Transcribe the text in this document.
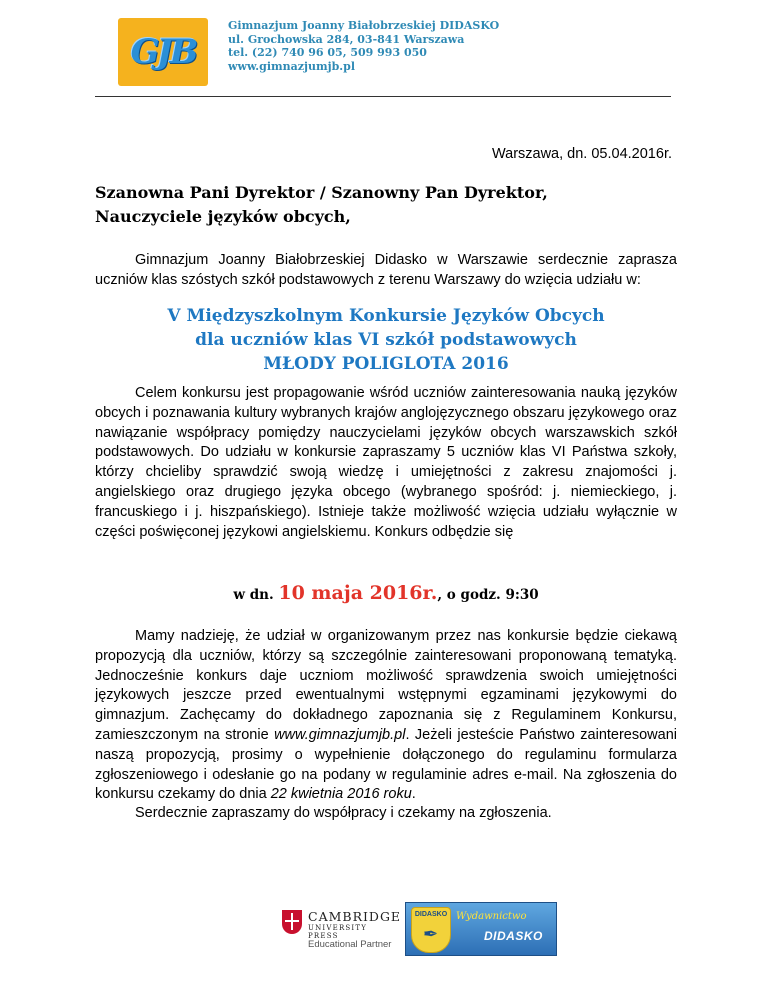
GJB
Gimnazjum Joanny Białobrzeskiej DIDASKO
ul. Grochowska 284, 03-841 Warszawa
tel. (22) 740 96 05, 509 993 050
www.gimnazjumjb.pl
Warszawa, dn. 05.04.2016r.
Szanowna Pani Dyrektor / Szanowny Pan Dyrektor,
Nauczyciele języków obcych,
Gimnazjum Joanny Białobrzeskiej Didasko w Warszawie serdecznie zaprasza uczniów klas szóstych szkół podstawowych z terenu Warszawy do wzięcia udziału w:
V Międzyszkolnym Konkursie Języków Obcych
dla uczniów klas VI szkół podstawowych
MŁODY POLIGLOTA 2016
Celem konkursu jest propagowanie wśród uczniów zainteresowania nauką języków obcych i poznawania kultury wybranych krajów anglojęzycznego obszaru językowego oraz nawiązanie współpracy pomiędzy nauczycielami języków obcych warszawskich szkół podstawowych. Do udziału w konkursie zapraszamy 5 uczniów klas VI Państwa szkoły, którzy chcieliby sprawdzić swoją wiedzę i umiejętności z zakresu znajomości j. angielskiego oraz drugiego języka obcego (wybranego spośród: j. niemieckiego, j. francuskiego i j. hiszpańskiego). Istnieje także możliwość wzięcia udziału wyłącznie w części poświęconej językowi angielskiemu. Konkurs odbędzie się
w dn. 10 maja 2016r., o godz. 9:30
Mamy nadzieję, że udział w organizowanym przez nas konkursie będzie ciekawą propozycją dla uczniów, którzy są szczególnie zainteresowani proponowaną tematyką. Jednocześnie konkurs daje uczniom możliwość sprawdzenia swoich umiejętności językowych jeszcze przed ewentualnymi wstępnymi egzaminami językowymi do gimnazjum. Zachęcamy do dokładnego zapoznania się z Regulaminem Konkursu, zamieszczonym na stronie www.gimnazjumjb.pl. Jeżeli jesteście Państwo zainteresowani naszą propozycją, prosimy o wypełnienie dołączonego do regulaminu formularza zgłoszeniowego i odesłanie go na podany w regulaminie adres e-mail. Na zgłoszenia do konkursu czekamy do dnia 22 kwietnia 2016 roku.
Serdecznie zapraszamy do współpracy i czekamy na zgłoszenia.
CAMBRIDGE
UNIVERSITY PRESS
Educational Partner
DIDASKO
✒
Wydawnictwo
DIDASKO
